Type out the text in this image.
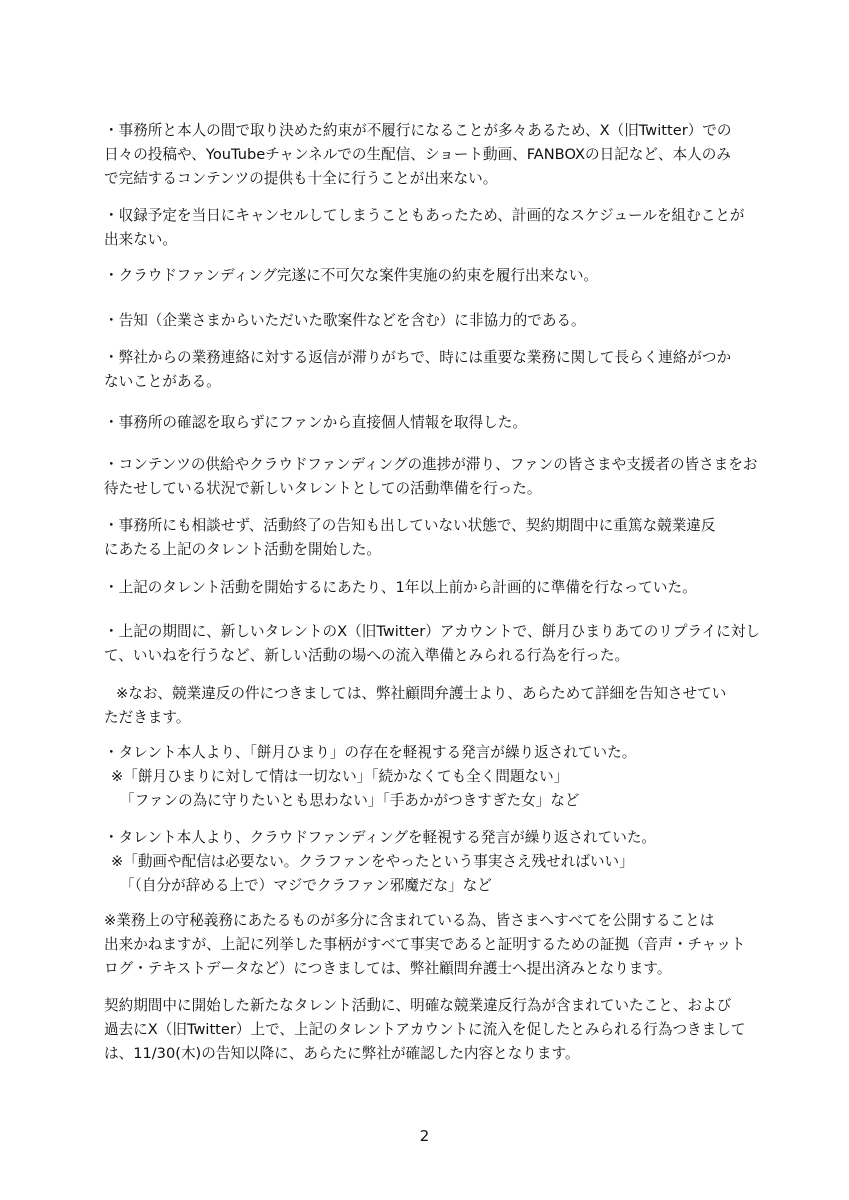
・事務所と本人の間で取り決めた約束が不履行になることが多々あるため、X（旧Twitter）での
日々の投稿や、YouTubeチャンネルでの生配信、ショート動画、FANBOXの日記など、本人のみ
で完結するコンテンツの提供も十全に行うことが出来ない。
・収録予定を当日にキャンセルしてしまうこともあったため、計画的なスケジュールを組むことが
出来ない。
・クラウドファンディング完遂に不可欠な案件実施の約束を履行出来ない。
・告知（企業さまからいただいた歌案件などを含む）に非協力的である。
・弊社からの業務連絡に対する返信が滞りがちで、時には重要な業務に関して長らく連絡がつか
ないことがある。
・事務所の確認を取らずにファンから直接個人情報を取得した。
・コンテンツの供給やクラウドファンディングの進捗が滞り、ファンの皆さまや支援者の皆さまをお
待たせしている状況で新しいタレントとしての活動準備を行った。
・事務所にも相談せず、活動終了の告知も出していない状態で、契約期間中に重篤な競業違反
にあたる上記のタレント活動を開始した。
・上記のタレント活動を開始するにあたり、1年以上前から計画的に準備を行なっていた。
・上記の期間に、新しいタレントのX（旧Twitter）アカウントで、餅月ひまりあてのリプライに対し
て、いいねを行うなど、新しい活動の場への流入準備とみられる行為を行った。
※なお、競業違反の件につきましては、弊社顧問弁護士より、あらためて詳細を告知させてい
ただきます。
・タレント本人より、「餅月ひまり」の存在を軽視する発言が繰り返されていた。
※「餅月ひまりに対して情は一切ない」「続かなくても全く問題ない」
「ファンの為に守りたいとも思わない」「手あかがつきすぎた女」など
・タレント本人より、クラウドファンディングを軽視する発言が繰り返されていた。
※「動画や配信は必要ない。クラファンをやったという事実さえ残せればいい」
「（自分が辞める上で）マジでクラファン邪魔だな」など
※業務上の守秘義務にあたるものが多分に含まれている為、皆さまへすべてを公開することは
出来かねますが、上記に列挙した事柄がすべて事実であると証明するための証拠（音声・チャット
ログ・テキストデータなど）につきましては、弊社顧問弁護士へ提出済みとなります。
契約期間中に開始した新たなタレント活動に、明確な競業違反行為が含まれていたこと、および
過去にX（旧Twitter）上で、上記のタレントアカウントに流入を促したとみられる行為つきまして
は、11/30(木)の告知以降に、あらたに弊社が確認した内容となります。
2
